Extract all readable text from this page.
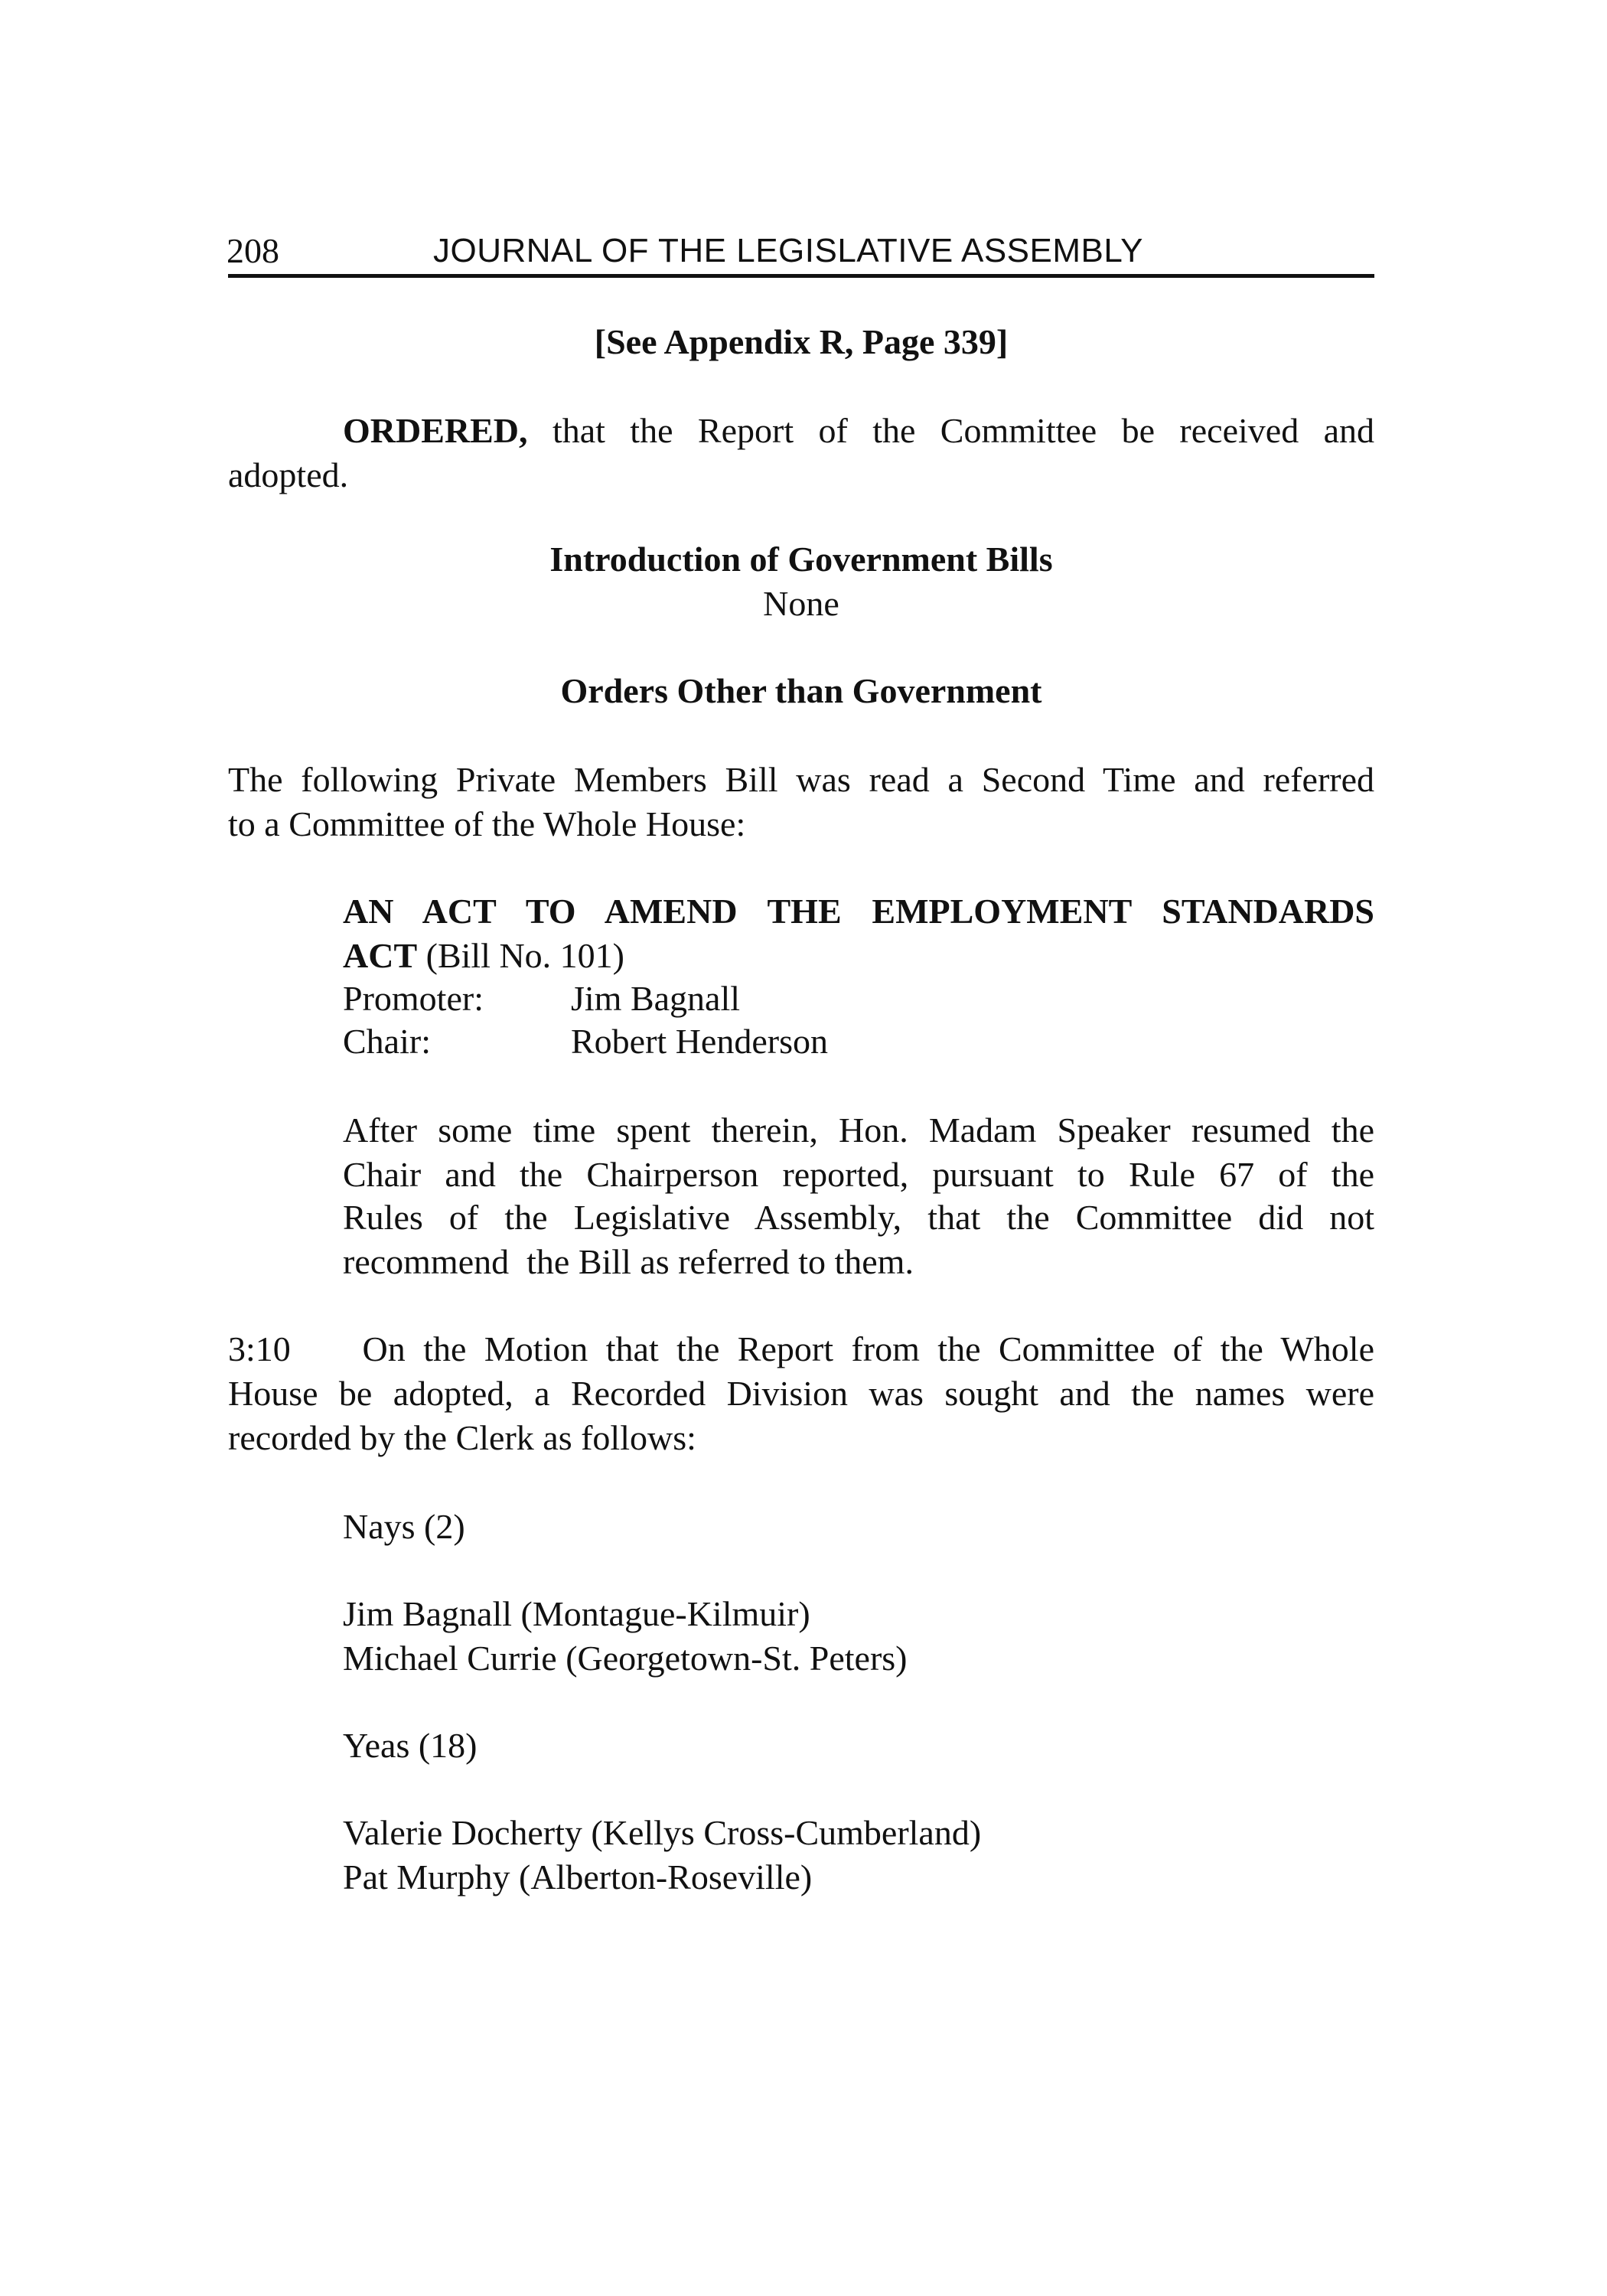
208	JOURNAL OF THE LEGISLATIVE ASSEMBLY
[See Appendix R, Page 339]
ORDERED, that the Report of the Committee be received and
adopted.
Introduction of Government Bills
None
Orders Other than Government
The following Private Members Bill was read a Second Time and referred
to a Committee of the Whole House:
AN ACT TO AMEND THE EMPLOYMENT STANDARDS
ACT (Bill No. 101)
Promoter:	Jim Bagnall
Chair:	Robert Henderson
After some time spent therein, Hon. Madam Speaker resumed the
Chair and the Chairperson reported, pursuant to Rule 67 of the
Rules of the Legislative Assembly, that the Committee did not
recommend  the Bill as referred to them.
3:10    On the Motion that the Report from the Committee of the Whole
House be adopted, a Recorded Division was sought and the names were
recorded by the Clerk as follows:
Nays (2)
Jim Bagnall (Montague-Kilmuir)
Michael Currie (Georgetown-St. Peters)
Yeas (18)
Valerie Docherty (Kellys Cross-Cumberland)
Pat Murphy (Alberton-Roseville)
